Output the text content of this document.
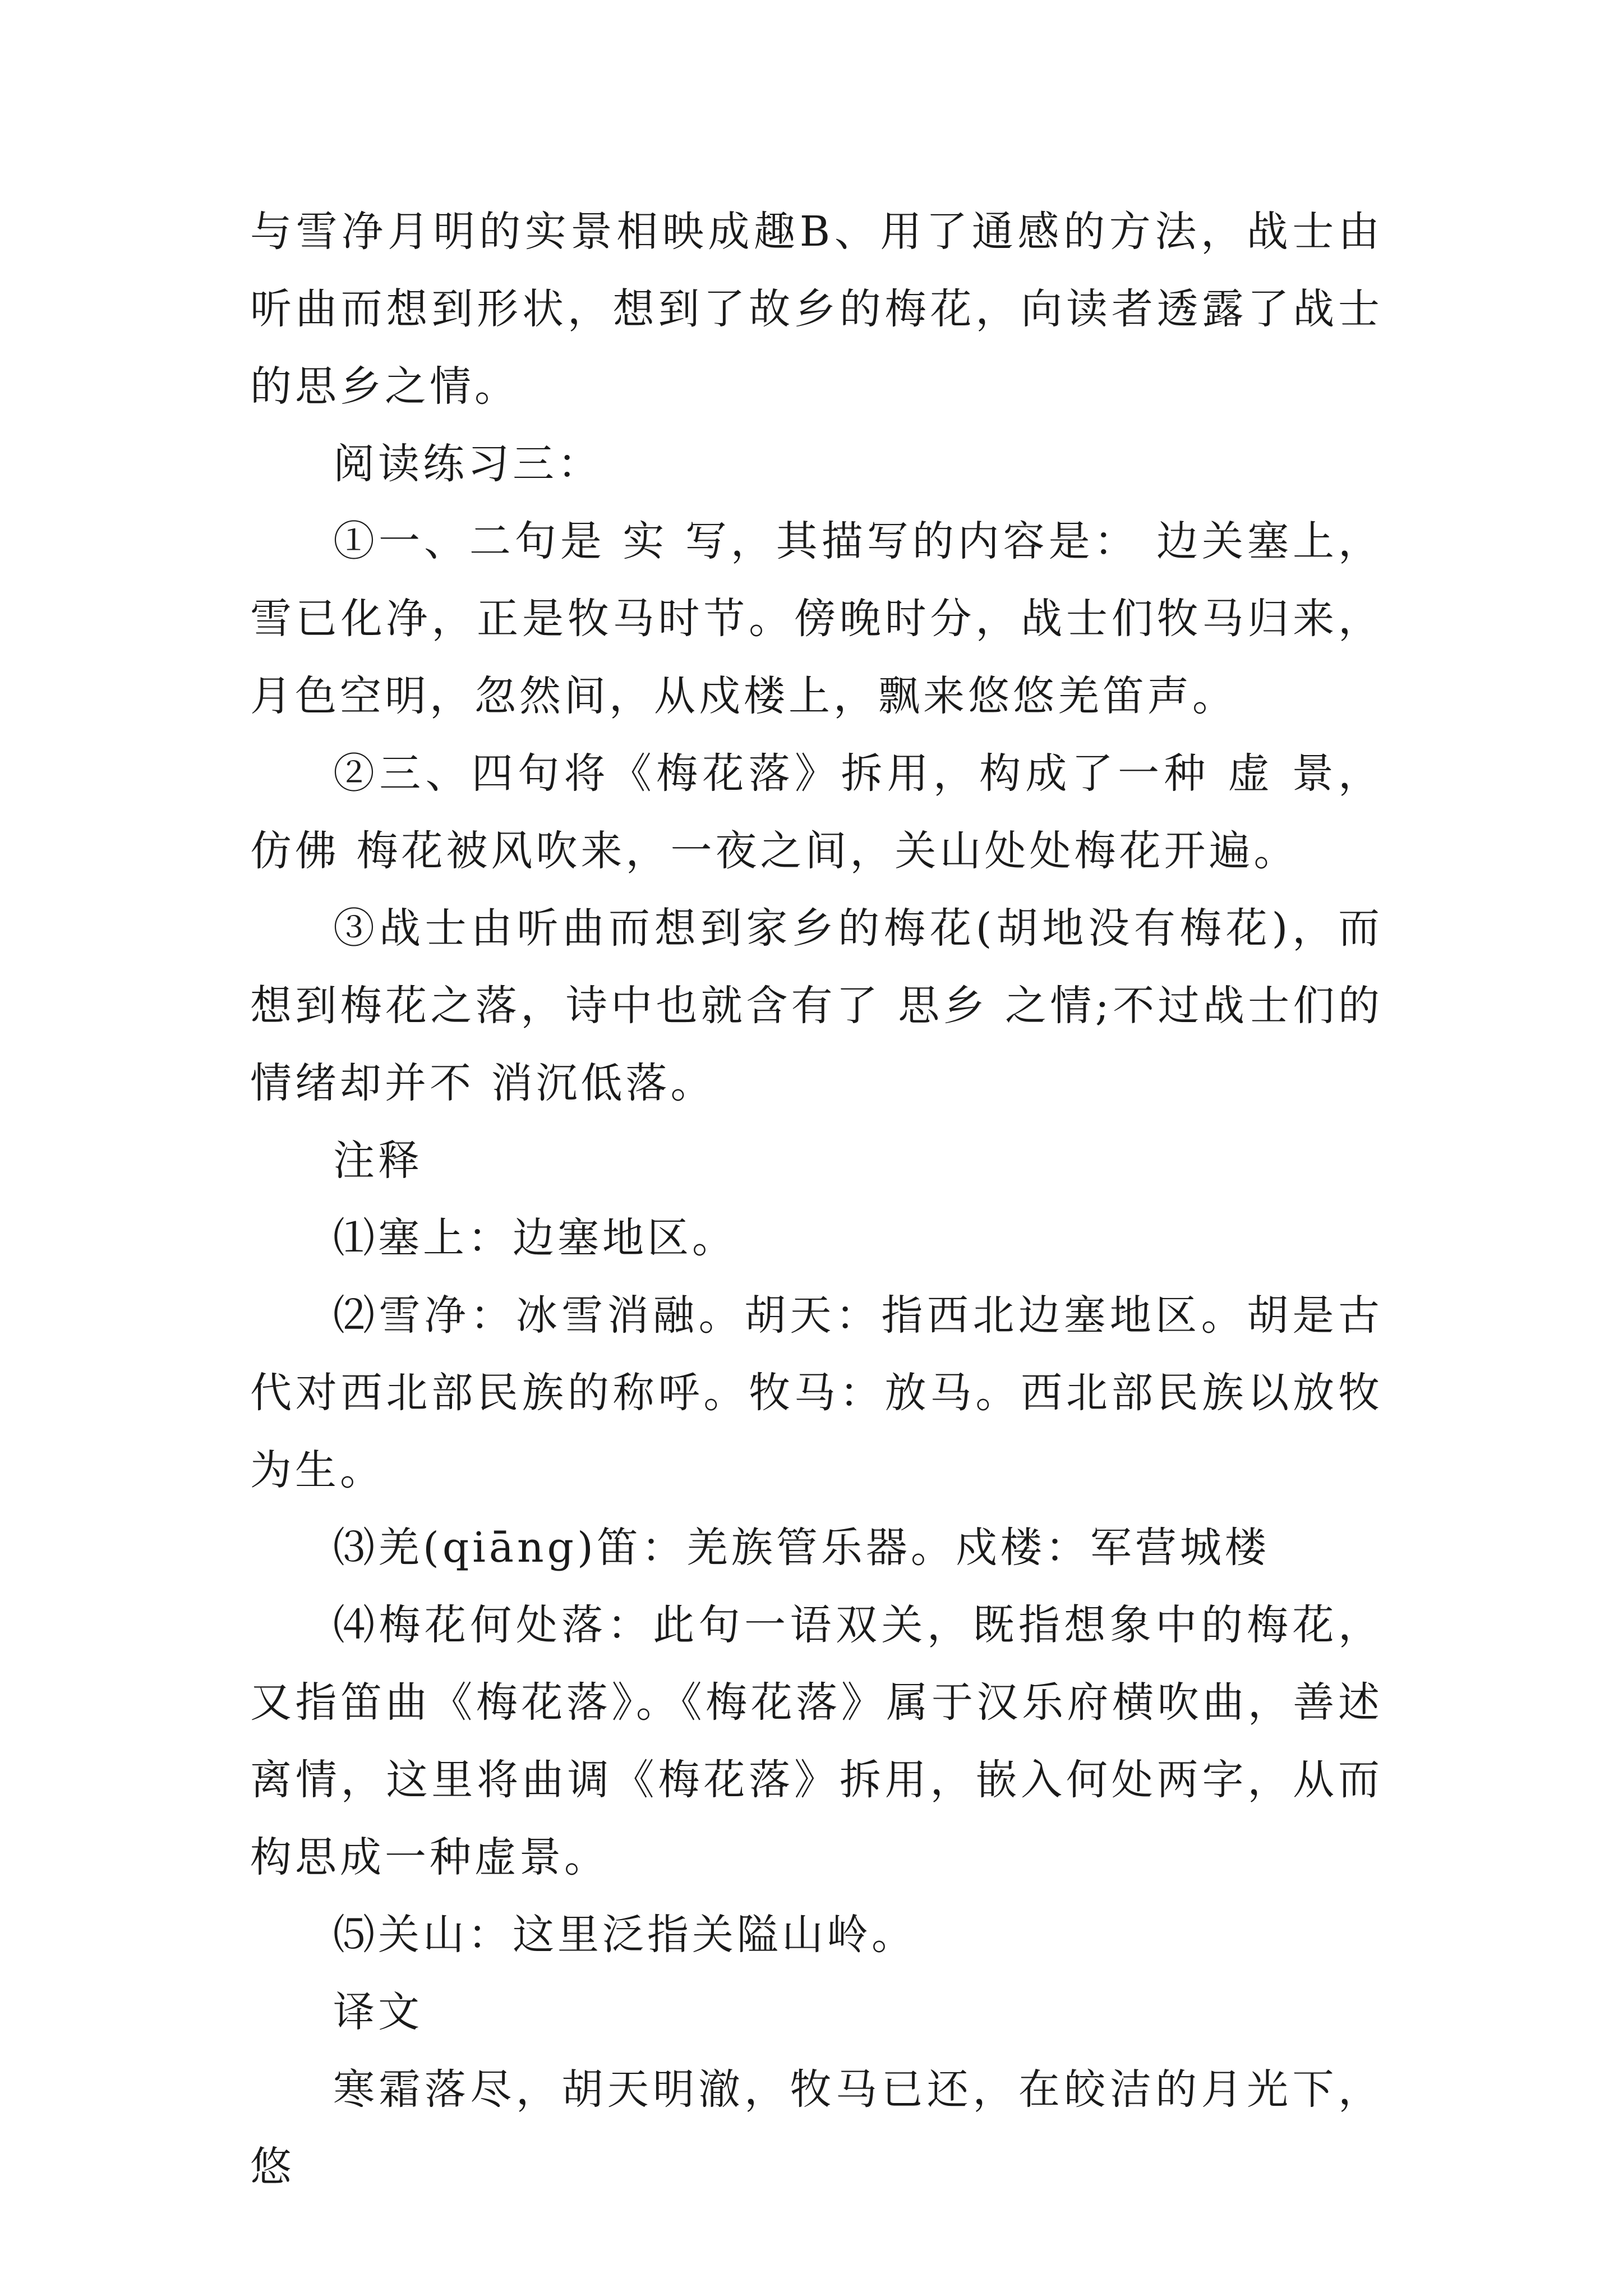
与雪净月明的实景相映成趣B、用了通感的方法，战士由听曲而想到形状，想到了故乡的梅花，向读者透露了战士的思乡之情。

阅读练习三：

①一、二句是 实 写，其描写的内容是： 边关塞上，雪已化净，正是牧马时节。傍晚时分，战士们牧马归来，月色空明，忽然间，从戍楼上，飘来悠悠羌笛声。

②三、四句将《梅花落》拆用，构成了一种 虚 景，仿佛 梅花被风吹来，一夜之间，关山处处梅花开遍。

③战士由听曲而想到家乡的梅花(胡地没有梅花)，而想到梅花之落，诗中也就含有了 思乡 之情;不过战士们的情绪却并不 消沉低落。

注释

⑴塞上：边塞地区。

⑵雪净：冰雪消融。胡天：指西北边塞地区。胡是古代对西北部民族的称呼。牧马：放马。西北部民族以放牧为生。

⑶羌(qiāng)笛：羌族管乐器。戍楼：军营城楼

⑷梅花何处落：此句一语双关，既指想象中的梅花，又指笛曲《梅花落》。《梅花落》属于汉乐府横吹曲，善述离情，这里将曲调《梅花落》拆用，嵌入何处两字，从而构思成一种虚景。

⑸关山：这里泛指关隘山岭。

译文

寒霜落尽，胡天明澈，牧马已还，在皎洁的月光下，悠
